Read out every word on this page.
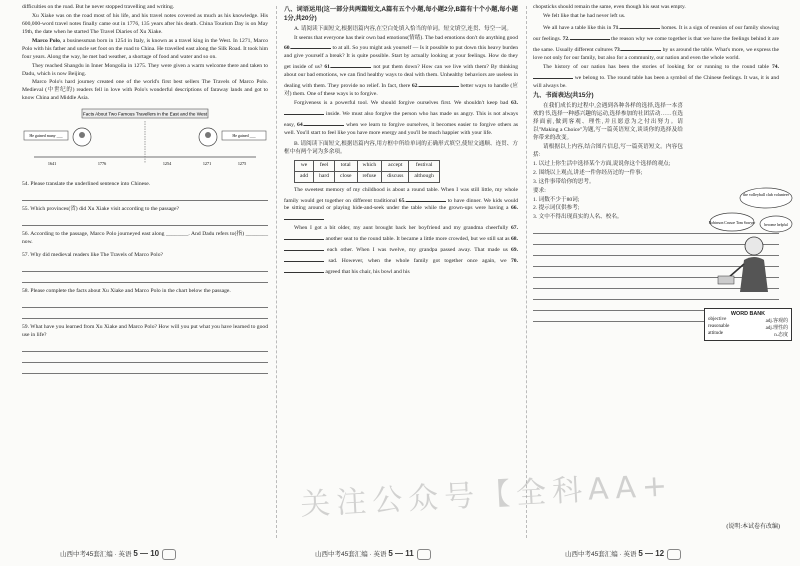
difficulties on the road. But he never stopped travelling and writing.

Xu Xiake was on the road most of his life, and his travel notes covered as much as his knowledge. His 600,000-word travel notes finally came out in 1776, 135 years after his death. China Tourism Day is on May 19th, the date when he started The Travel Diaries of Xu Xiake.

Marco Polo, a businessman born in 1254 in Italy, is known as a travel king in the West. In 1271, Marco Polo with his father and uncle set foot on the road to China. He travelled east along the Silk Road. It took him four years. Along the way, he met bad weather, a shortage of food and water and so on.

They reached Shangdu in Inner Mongolia in 1275. They were given a warm welcome there and taken to Dadu, which is now Beijing.

Marco Polo's hard journey created one of the world's first best sellers The Travels of Marco Polo. Medieval (中世纪的) readers fell in love with Polo's wonderful descriptions of faraway lands and got to know China and Middle Asia.

Facts About Two Famous Travellers in the East and the West
He gained many ___	He gained ___
1641	1776	1254	1271	1275

54. Please translate the underlined sentence into Chinese.

55. Which provinces(省) did Xu Xiake visit according to the passage?

56. According to the passage, Marco Polo journeyed east along ________. And Dadu refers to(指) ________ now.

57. Why did medieval readers like The Travels of Marco Polo?

58. Please complete the facts about Xu Xiake and Marco Polo in the chart below the passage.

59. What have you learned from Xu Xiake and Marco Polo? How will you put what you have learned to good use in life?

山西中考45套汇编 · 英语 5 — 10

八、词语运用(这一部分共两篇短文,A篇有五个小题,每小题2分,B篇有十个小题,每小题1分,共20分)

A. 请阅读下面短文,根据语篇内容,在空白处填入恰当的单词。短文填空,连贯、每空一词。

It seems that everyone has their own bad emotions(情绪). The bad emotions don't do anything good 60.	to at all. So you might ask yourself — Is it possible to put down this heavy burden and give yourself a break? It is quite possible. Start by actually looking at your feelings. How do they get inside of us? 61.	not put them down? How can we live with them? By thinking about our bad emotions, we can find healthy ways to deal with them. Unhealthy behaviors are useless in dealing with them. They provide no relief. In fact, there 62.	better ways to handle (应对) them. One of these ways is to forgive.

Forgiveness is a powerful tool. We should forgive ourselves first. We shouldn't keep bad 63. inside. We must also forgive the person who has made us angry. This is not always easy, 64.	when we learn to forgive ourselves, it becomes easier to forgive others as well. You'll start to feel like you have more energy and you'll be much happier with your life.

B. 请阅读下面短文,根据语篇内容,用方框中所给单词的正确形式填空,使短文通顺、连贯、方框中有两个词为多余项。

we	feel	total	which	accept	festival
add	hard	close	refuse	discuss	although

The sweetest memory of my childhood is about a round table. When I was still little, my whole family would get together on different traditional 65.	to have dinner. We kids would be sitting around or playing hide-and-seek under the table while the grown-ups were having a 66.

When I got a bit older, my aunt brought back her boyfriend and my grandma cheerfully 67. another seat to the round table. It became a little more crowded, but we still sat as 68. each other. When I was twelve, my grandpa passed away. That made us 69. sad. However, when the whole family got together once again, we 70. agreed that his chair, his bowl and his

山西中考45套汇编 · 英语 5 — 11

chopsticks should remain the same, even though his seat was empty.

We felt like that he had never left us.

We all have a table like this in 71.	homes. It is a sign of reunion of our family showing our feelings. 72.	the reason why we come together is that we have the feelings behind it are the same. Usually different cultures 73.	by us around the table. What's more, we express the love not only for our family, but also for a community, our nation and even the whole world.

The history of our nation has been the stories of looking for or running to the round table 74. we belong to. The round table has been a symbol of the Chinese feelings. It was, it is and will always be.

九、书面表达(共15分)

在我们成长的过程中,会遇到各种各样的选择,选择一本喜欢的书,选择一种感兴趣的运动,选择参加的社团活动……在选择面前,做到客观、理性,并且愿意为之付出努力。请以"Making a Choice"为题,写一篇英语短文,谈谈你的选择及给你带来的改变。

请根据以上内容,结合图片信息,写一篇英语短文。内容包括:

1. 以过上你生活中选择某个方面,说说你这个选择的观点;

2. 围绕以上观点,讲述一件你经历过的一件事;

3. 这件事带给你的思考。

要求:

1. 词数不少于80词;

2. 提示词仅供参考;

3. 文中不得出现真实的人名、校名。

the volleyball club volunteer
Robinson Crusoe Tom Sawyer become helpful
WORD BANK
objective	adj.客观的
reasonable	adj.理性的
attitude	n.态度
(说明:本试卷有改编)
山西中考45套汇编 · 英语 5 — 12
关注公众号【全科AA+
